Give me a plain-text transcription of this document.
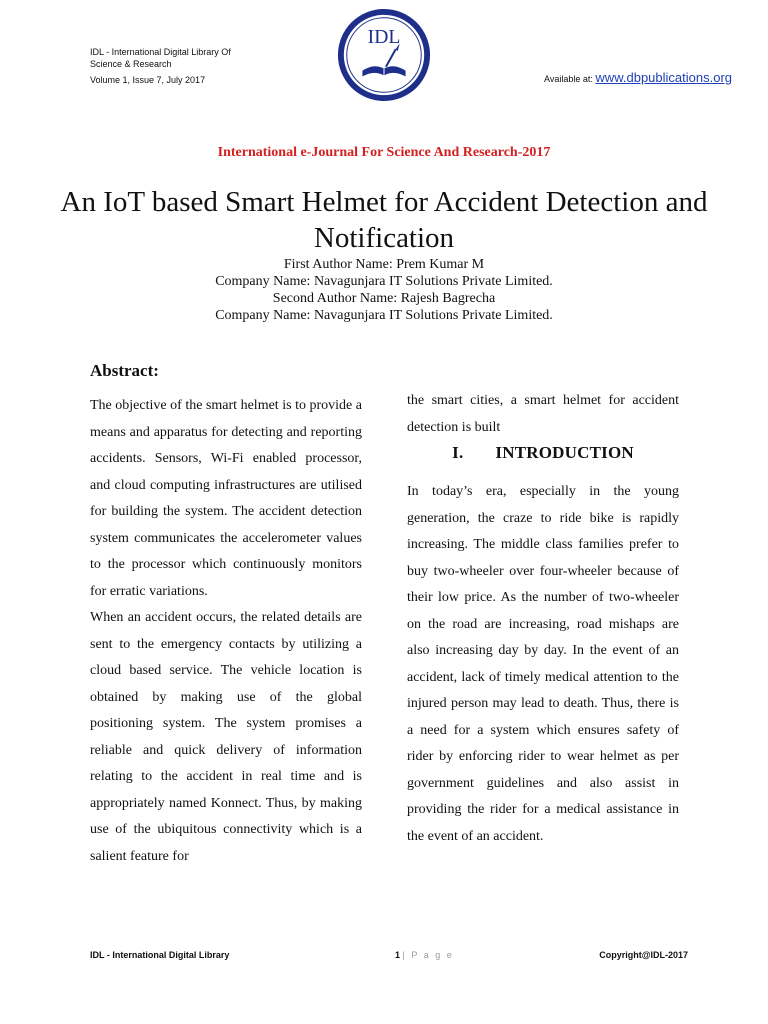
IDL - International Digital Library Of
Science & Research
Volume 1, Issue 7, July 2017
IDL
Available at: www.dbpublications.org
International e-Journal For Science And Research-2017
An IoT based Smart Helmet for Accident Detection and Notification
First Author Name: Prem Kumar M
Company Name: Navagunjara IT Solutions Private Limited.
Second Author Name: Rajesh Bagrecha
Company Name: Navagunjara IT Solutions Private Limited.
Abstract:

The objective of the smart helmet is to provide a means and apparatus for detecting and reporting accidents. Sensors, Wi-Fi enabled processor, and cloud computing infrastructures are utilised for building the system. The accident detection system communicates the accelerometer values to the processor which continuously monitors for erratic variations.

When an accident occurs, the related details are sent to the emergency contacts by utilizing a cloud based service. The vehicle location is obtained by making use of the global positioning system. The system promises a reliable and quick delivery of information relating to the accident in real time and is appropriately named Konnect. Thus, by making use of the ubiquitous connectivity which is a salient feature for

the smart cities, a smart helmet for accident detection is built

I. INTRODUCTION

In today’s era, especially in the young generation, the craze to ride bike is rapidly increasing. The middle class families prefer to buy two-wheeler over four-wheeler because of their low price. As the number of two-wheeler on the road are increasing, road mishaps are also increasing day by day. In the event of an accident, lack of timely medical attention to the injured person may lead to death. Thus, there is a need for a system which ensures safety of rider by enforcing rider to wear helmet as per government guidelines and also assist in providing the rider for a medical assistance in the event of an accident.

IDL - International Digital Library	1 | P a g e	Copyright@IDL-2017
